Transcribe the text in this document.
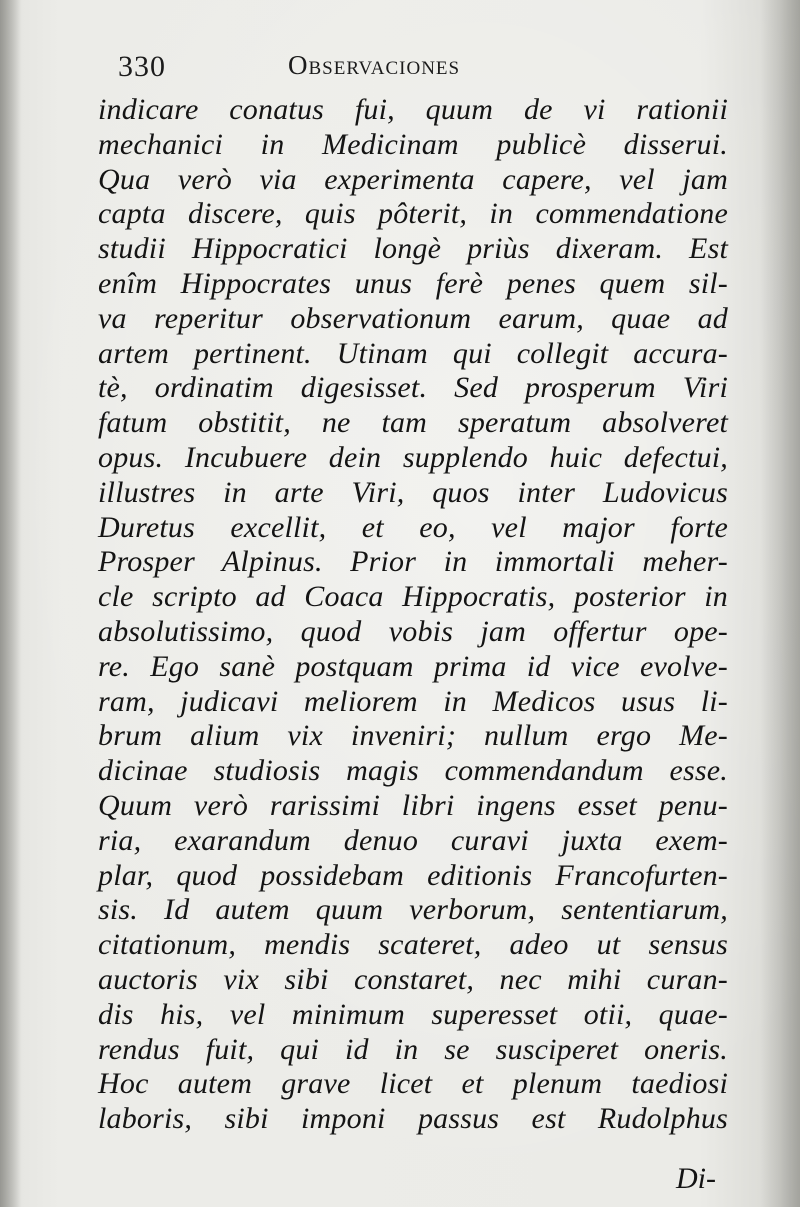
330	Observaciones
indicare conatus fui, quum de vi rationii
mechanici in Medicinam publicè disserui.
Qua verò via experimenta capere, vel jam
capta discere, quis pôterit, in commendatione
studii Hippocratici longè priùs dixeram. Est
enîm Hippocrates unus ferè penes quem sil-
va reperitur observationum earum, quae ad
artem pertinent. Utinam qui collegit accura-
tè, ordinatim digesisset. Sed prosperum Viri
fatum obstitit, ne tam speratum absolveret
opus. Incubuere dein supplendo huic defectui,
illustres in arte Viri, quos inter Ludovicus
Duretus excellit, et eo, vel major forte
Prosper Alpinus. Prior in immortali meher-
cle scripto ad Coaca Hippocratis, posterior in
absolutissimo, quod vobis jam offertur ope-
re. Ego sanè postquam prima id vice evolve-
ram, judicavi meliorem in Medicos usus li-
brum alium vix inveniri; nullum ergo Me-
dicinae studiosis magis commendandum esse.
Quum verò rarissimi libri ingens esset penu-
ria, exarandum denuo curavi juxta exem-
plar, quod possidebam editionis Francofurten-
sis. Id autem quum verborum, sententiarum,
citationum, mendis scateret, adeo ut sensus
auctoris vix sibi constaret, nec mihi curan-
dis his, vel minimum superesset otii, quae-
rendus fuit, qui id in se susciperet oneris.
Hoc autem grave licet et plenum taediosi
laboris, sibi imponi passus est Rudolphus
Di-
